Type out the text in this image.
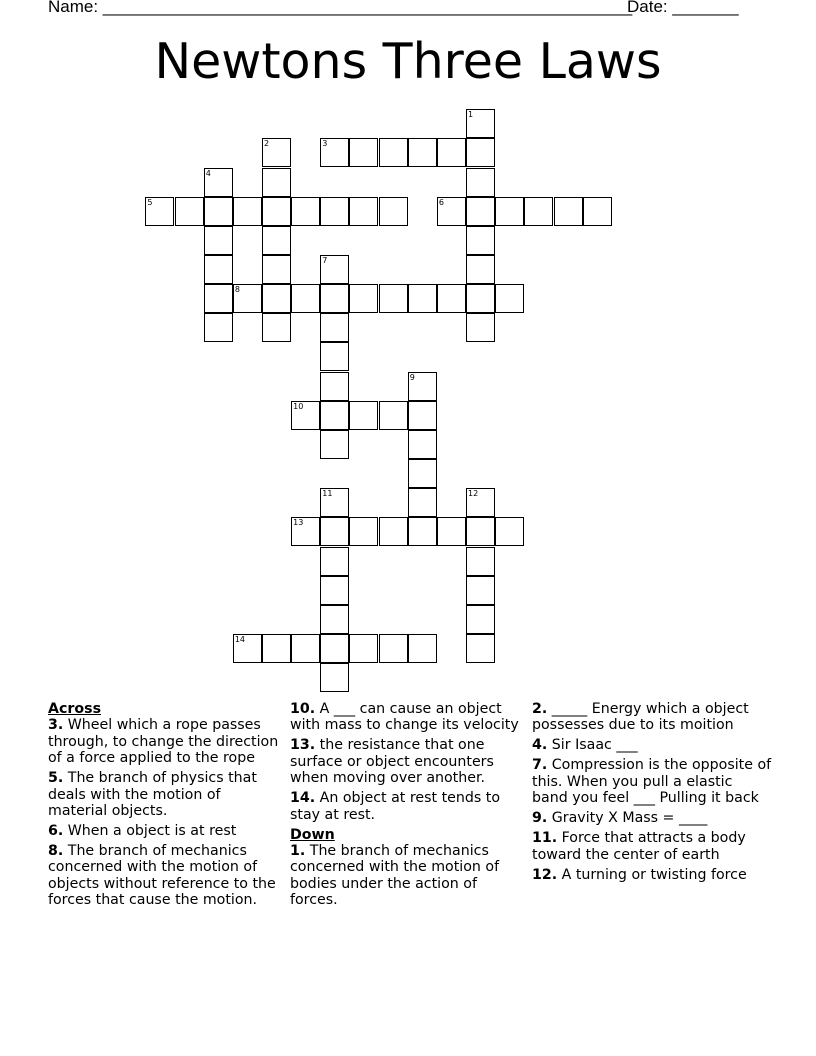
Name: ________________________________________________________
Date: _______
Newtons Three Laws
1
3
2
4
5	6
7
8
9
10
11	12
13
14
Across
3. Wheel which a rope passes through, to change the direction of a force applied to the rope
5. The branch of physics that deals with the motion of material objects.
6. When a object is at rest
8. The branch of mechanics concerned with the motion of objects without reference to the forces that cause the motion.
10. A ___ can cause an object with mass to change its velocity
13. the resistance that one surface or object encounters when moving over another.
14. An object at rest tends to stay at rest.
Down
1. The branch of mechanics concerned with the motion of bodies under the action of forces.
2. _____ Energy which a object possesses due to its moition
4. Sir Isaac ___
7. Compression is the opposite of this. When you pull a elastic band you feel ___ Pulling it back
9. Gravity X Mass = ____
11. Force that attracts a body toward the center of earth
12. A turning or twisting force
